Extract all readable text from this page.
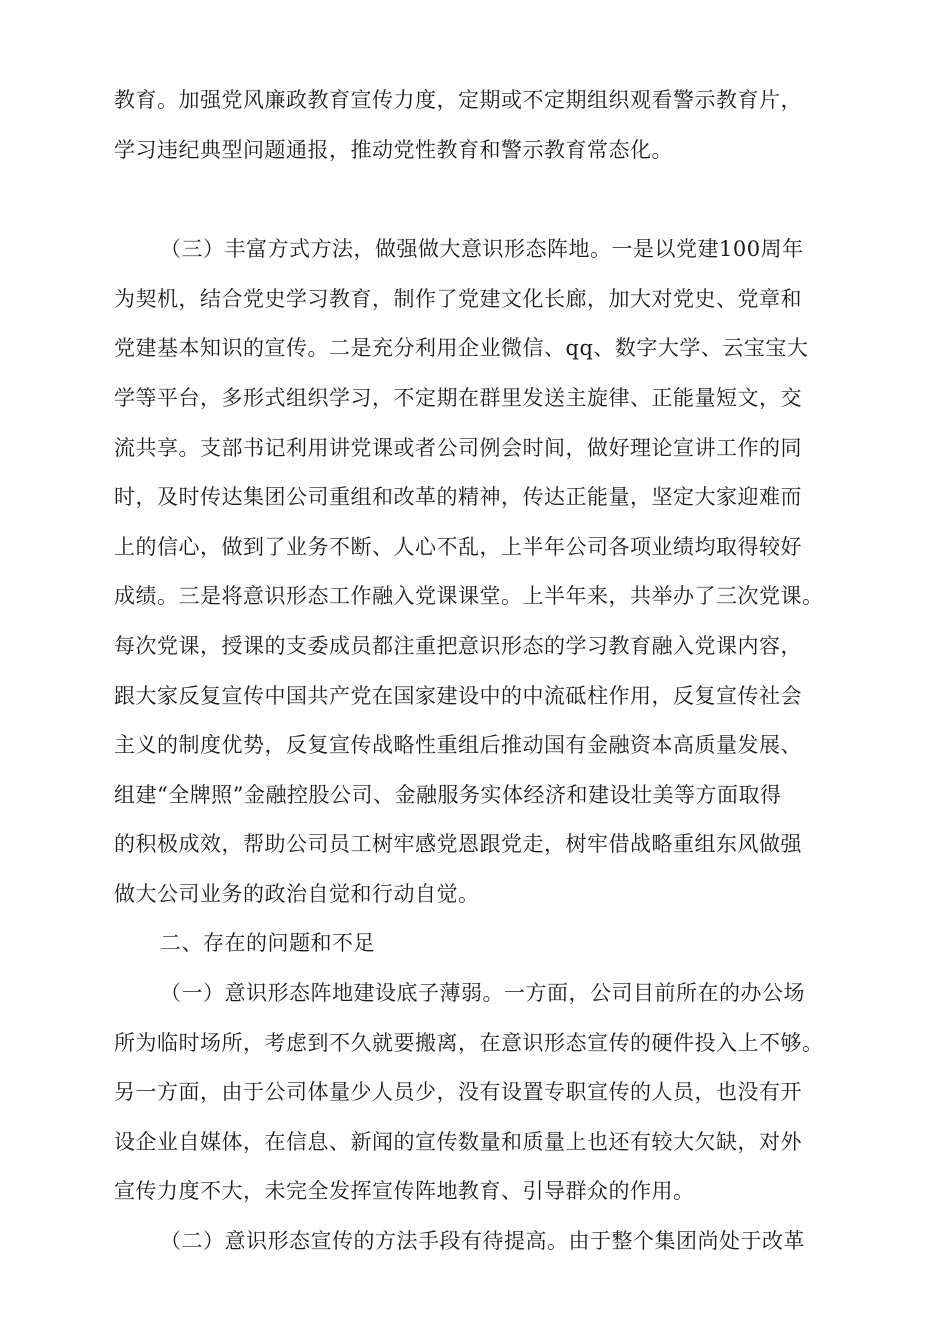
教育。加强党风廉政教育宣传力度，定期或不定期组织观看警示教育片，
学习违纪典型问题通报，推动党性教育和警示教育常态化。
（三）丰富方式方法，做强做大意识形态阵地。一是以党建100周年
为契机，结合党史学习教育，制作了党建文化长廊，加大对党史、党章和
党建基本知识的宣传。二是充分利用企业微信、qq、数字大学、云宝宝大
学等平台，多形式组织学习，不定期在群里发送主旋律、正能量短文，交
流共享。支部书记利用讲党课或者公司例会时间，做好理论宣讲工作的同
时，及时传达集团公司重组和改革的精神，传达正能量，坚定大家迎难而
上的信心，做到了业务不断、人心不乱，上半年公司各项业绩均取得较好
成绩。三是将意识形态工作融入党课课堂。上半年来，共举办了三次党课。
每次党课，授课的支委成员都注重把意识形态的学习教育融入党课内容，
跟大家反复宣传中国共产党在国家建设中的中流砥柱作用，反复宣传社会
主义的制度优势，反复宣传战略性重组后推动国有金融资本高质量发展、
组建“全牌照”金融控股公司、金融服务实体经济和建设壮美等方面取得
的积极成效，帮助公司员工树牢感党恩跟党走，树牢借战略重组东风做强
做大公司业务的政治自觉和行动自觉。
二、存在的问题和不足
（一）意识形态阵地建设底子薄弱。一方面，公司目前所在的办公场
所为临时场所，考虑到不久就要搬离，在意识形态宣传的硬件投入上不够。
另一方面，由于公司体量少人员少，没有设置专职宣传的人员，也没有开
设企业自媒体，在信息、新闻的宣传数量和质量上也还有较大欠缺，对外
宣传力度不大，未完全发挥宣传阵地教育、引导群众的作用。
（二）意识形态宣传的方法手段有待提高。由于整个集团尚处于改革
